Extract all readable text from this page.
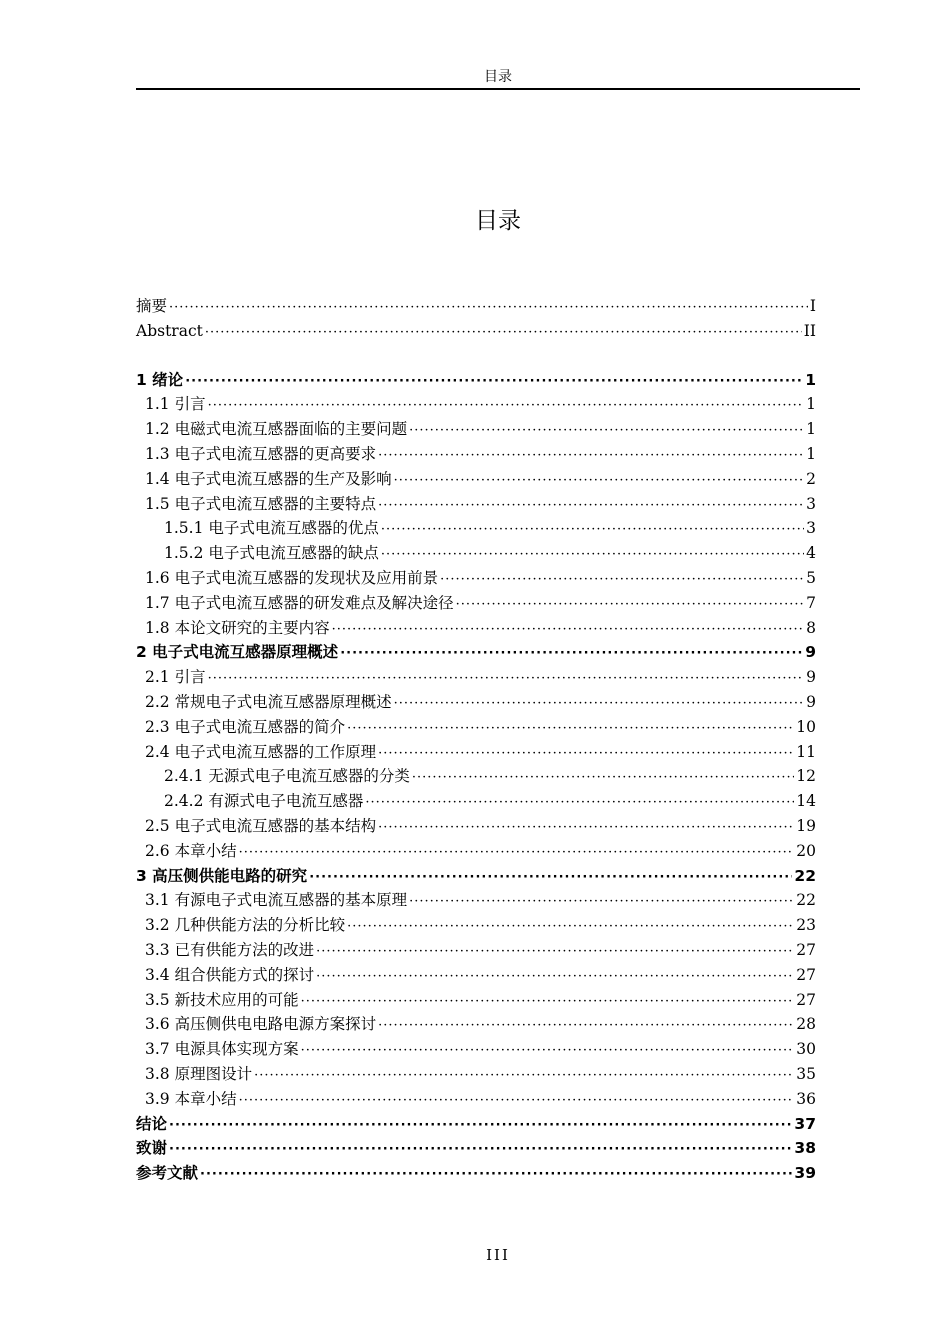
目录
目录
摘要 ·····	I
Abstract ·····	II
1 绪论 ·····	1
1.1 引言 ·····	1
1.2 电磁式电流互感器面临的主要问题 ·····	1
1.3 电子式电流互感器的更高要求 ·····	1
1.4 电子式电流互感器的生产及影响 ·····	2
1.5 电子式电流互感器的主要特点 ·····	3
1.5.1 电子式电流互感器的优点 ·····	3
1.5.2 电子式电流互感器的缺点 ·····	4
1.6 电子式电流互感器的发现状及应用前景 ·····	5
1.7 电子式电流互感器的研发难点及解决途径 ·····	7
1.8 本论文研究的主要内容 ·····	8
2 电子式电流互感器原理概述 ·····	9
2.1 引言 ·····	9
2.2 常规电子式电流互感器原理概述 ·····	9
2.3 电子式电流互感器的简介 ·····	10
2.4 电子式电流互感器的工作原理 ·····	11
2.4.1 无源式电子电流互感器的分类 ·····	12
2.4.2 有源式电子电流互感器 ·····	14
2.5 电子式电流互感器的基本结构 ·····	19
2.6 本章小结 ·····	20
3 高压侧供能电路的研究 ·····	22
3.1 有源电子式电流互感器的基本原理 ·····	22
3.2 几种供能方法的分析比较 ·····	23
3.3 已有供能方法的改进 ·····	27
3.4 组合供能方式的探讨 ·····	27
3.5 新技术应用的可能 ·····	27
3.6 高压侧供电电路电源方案探讨 ·····	28
3.7 电源具体实现方案 ·····	30
3.8 原理图设计 ·····	35
3.9 本章小结 ·····	36
结论 ·····	37
致谢 ·····	38
参考文献 ·····	39
III
